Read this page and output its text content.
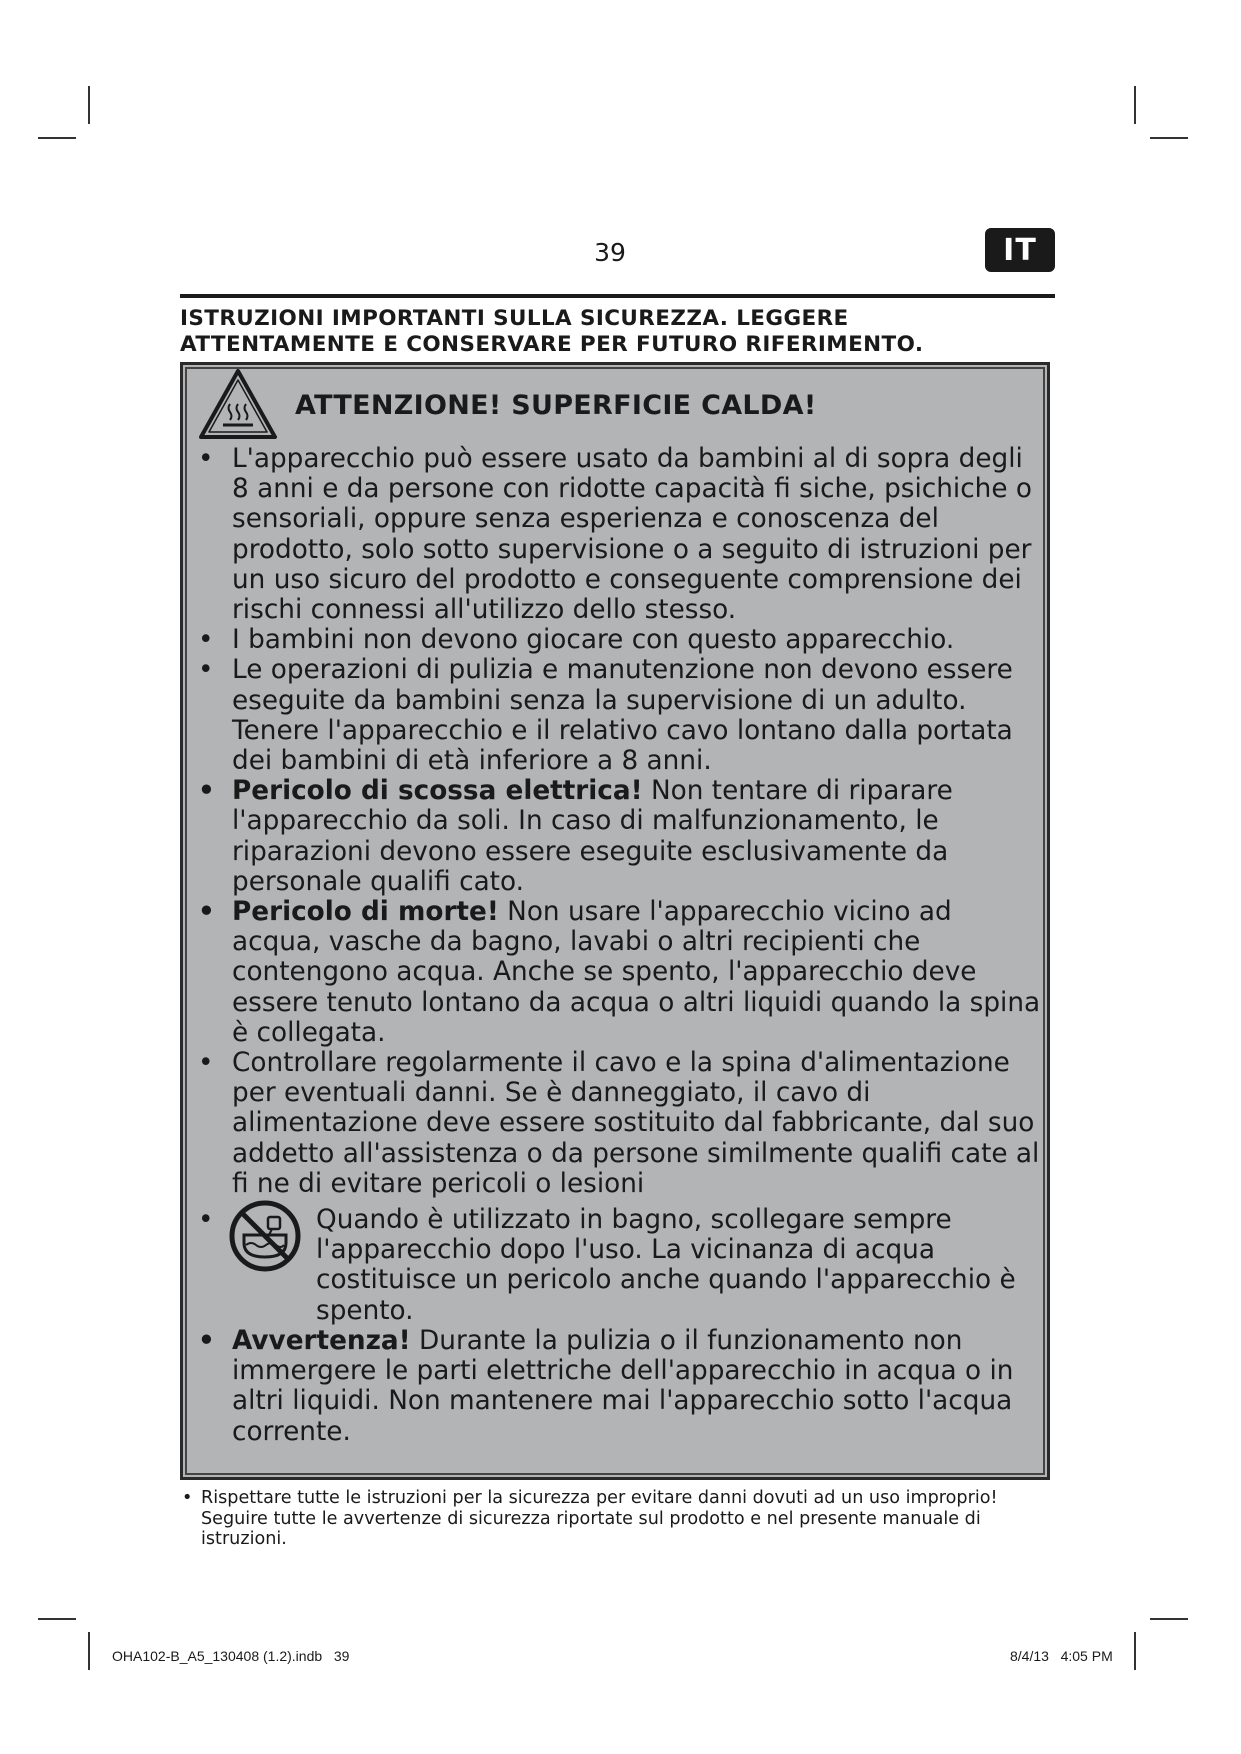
39	IT
ISTRUZIONI IMPORTANTI SULLA SICUREZZA. LEGGERE
ATTENTAMENTE E CONSERVARE PER FUTURO RIFERIMENTO.
ATTENZIONE! SUPERFICIE CALDA!

• L'apparecchio può essere usato da bambini al di sopra degli 8 anni e da persone con ridotte capacità fi siche, psichiche o sensoriali, oppure senza esperienza e conoscenza del prodotto, solo sotto supervisione o a seguito di istruzioni per un uso sicuro del prodotto e conseguente comprensione dei rischi connessi all'utilizzo dello stesso.

• I bambini non devono giocare con questo apparecchio.

• Le operazioni di pulizia e manutenzione non devono essere eseguite da bambini senza la supervisione di un adulto. Tenere l'apparecchio e il relativo cavo lontano dalla portata dei bambini di età inferiore a 8 anni.

• Pericolo di scossa elettrica! Non tentare di riparare l'apparecchio da soli. In caso di malfunzionamento, le riparazioni devono essere eseguite esclusivamente da personale qualifi cato.

• Pericolo di morte! Non usare l'apparecchio vicino ad acqua, vasche da bagno, lavabi o altri recipienti che contengono acqua. Anche se spento, l'apparecchio deve essere tenuto lontano da acqua o altri liquidi quando la spina è collegata.

• Controllare regolarmente il cavo e la spina d'alimentazione per eventuali danni. Se è danneggiato, il cavo di alimentazione deve essere sostituito dal fabbricante, dal suo addetto all'assistenza o da persone similmente qualifi cate al fi ne di evitare pericoli o lesioni

•	Quando è utilizzato in bagno, scollegare sempre l'apparecchio dopo l'uso. La vicinanza di acqua costituisce un pericolo anche quando l'apparecchio è spento.

• Avvertenza! Durante la pulizia o il funzionamento non immergere le parti elettriche dell'apparecchio in acqua o in altri liquidi. Non mantenere mai l'apparecchio sotto l'acqua corrente.

• Rispettare tutte le istruzioni per la sicurezza per evitare danni dovuti ad un uso improprio! Seguire tutte le avvertenze di sicurezza riportate sul prodotto e nel presente manuale di istruzioni.

OHA102-B_A5_130408 (1.2).indb   39	8/4/13   4:05 PM
